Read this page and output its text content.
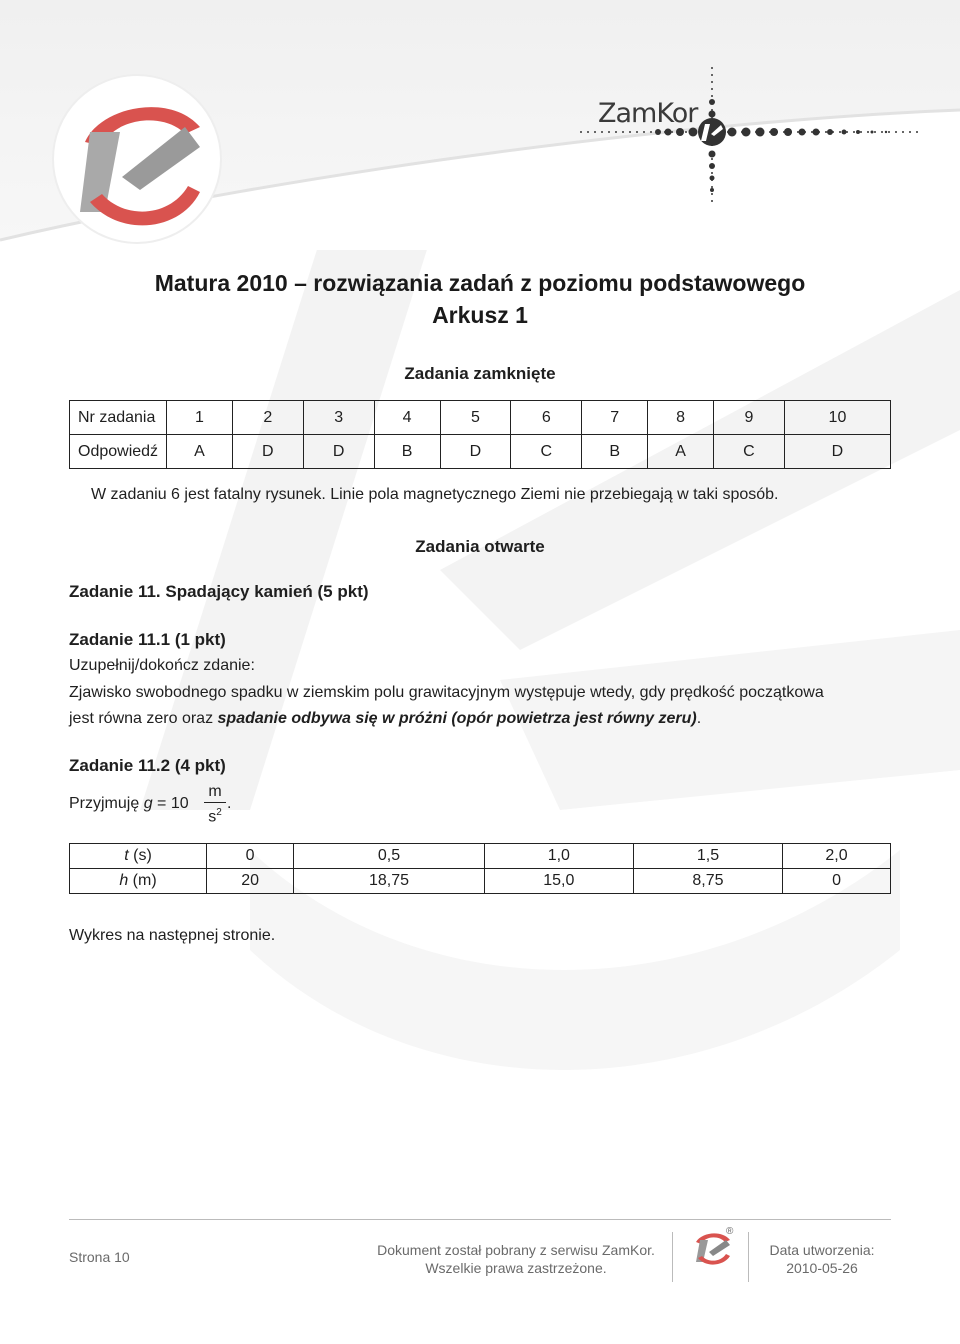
ZamKor
Matura 2010 – rozwiązania zadań z poziomu podstawowego
Arkusz 1
Zadania zamknięte
Nr zadania	1	2	3	4	5	6	7	8	9	10
Odpowiedź	A	D	D	B	D	C	B	A	C	D
W zadaniu 6 jest fatalny rysunek. Linie pola magnetycznego Ziemi nie przebiegają w taki sposób.
Zadania otwarte
Zadanie 11. Spadający kamień (5 pkt)
Zadanie 11.1 (1 pkt)
Uzupełnij/dokończ zdanie:
Zjawisko swobodnego spadku w ziemskim polu grawitacyjnym występuje wtedy, gdy prędkość początkowa
jest równa zero oraz spadanie odbywa się w próżni (opór powietrza jest równy zeru).
Zadanie 11.2 (4 pkt)
Przyjmuję $g = 10 \frac{m}{s^2}$ .
t (s)	0	0,5	1,0	1,5	2,0
h (m)	20	18,75	15,0	8,75	0
Wykres na następnej stronie.
Strona 10	Dokument został pobrany z serwisu ZamKor.
Wszelkie prawa zastrzeżone.
®
Data utworzenia:
2010-05-26
